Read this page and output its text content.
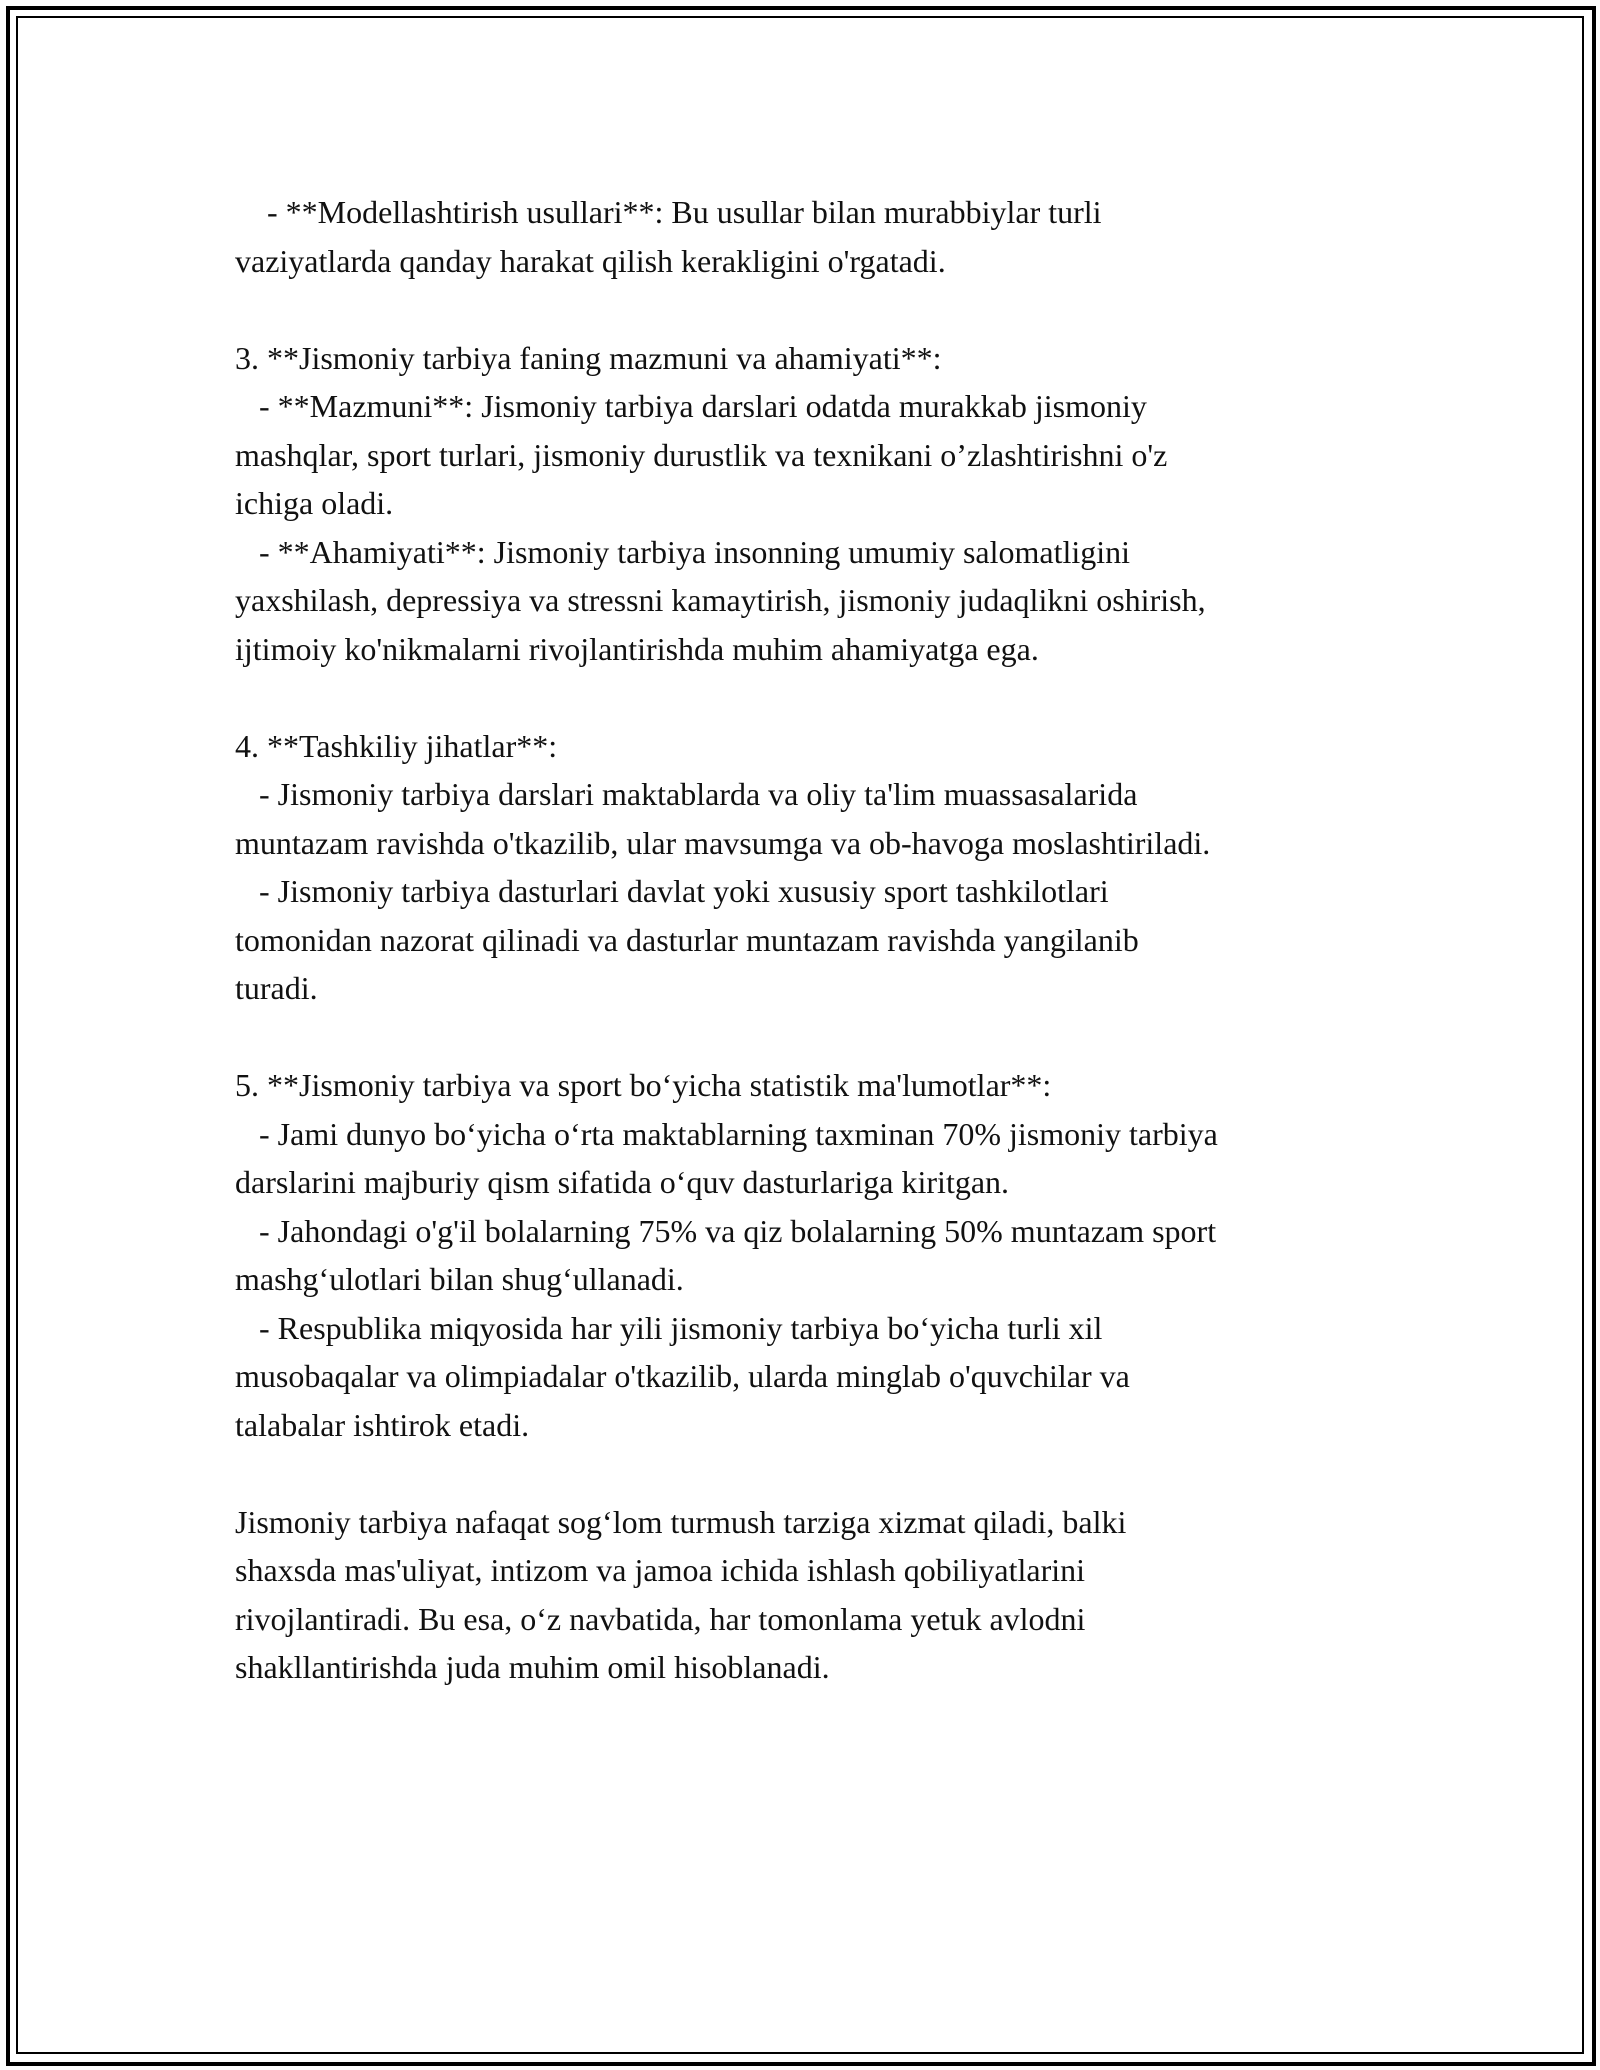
- **Modellashtirish usullari**: Bu usullar bilan murabbiylar turli
vaziyatlarda qanday harakat qilish kerakligini o'rgatadi.

3. **Jismoniy tarbiya faning mazmuni va ahamiyati**:
- **Mazmuni**: Jismoniy tarbiya darslari odatda murakkab jismoniy
mashqlar, sport turlari, jismoniy durustlik va texnikani o’zlashtirishni o'z
ichiga oladi.
- **Ahamiyati**: Jismoniy tarbiya insonning umumiy salomatligini
yaxshilash, depressiya va stressni kamaytirish, jismoniy judaqlikni oshirish,
ijtimoiy ko'nikmalarni rivojlantirishda muhim ahamiyatga ega.

4. **Tashkiliy jihatlar**:
- Jismoniy tarbiya darslari maktablarda va oliy ta'lim muassasalarida
muntazam ravishda o'tkazilib, ular mavsumga va ob-havoga moslashtiriladi.
- Jismoniy tarbiya dasturlari davlat yoki xususiy sport tashkilotlari
tomonidan nazorat qilinadi va dasturlar muntazam ravishda yangilanib
turadi.

5. **Jismoniy tarbiya va sport bo‘yicha statistik ma'lumotlar**:
- Jami dunyo bo‘yicha o‘rta maktablarning taxminan 70% jismoniy tarbiya
darslarini majburiy qism sifatida o‘quv dasturlariga kiritgan.
- Jahondagi o'g'il bolalarning 75% va qiz bolalarning 50% muntazam sport
mashg‘ulotlari bilan shug‘ullanadi.
- Respublika miqyosida har yili jismoniy tarbiya bo‘yicha turli xil
musobaqalar va olimpiadalar o'tkazilib, ularda minglab o'quvchilar va
talabalar ishtirok etadi.

Jismoniy tarbiya nafaqat sog‘lom turmush tarziga xizmat qiladi, balki
shaxsda mas'uliyat, intizom va jamoa ichida ishlash qobiliyatlarini
rivojlantiradi. Bu esa, o‘z navbatida, har tomonlama yetuk avlodni
shakllantirishda juda muhim omil hisoblanadi.
